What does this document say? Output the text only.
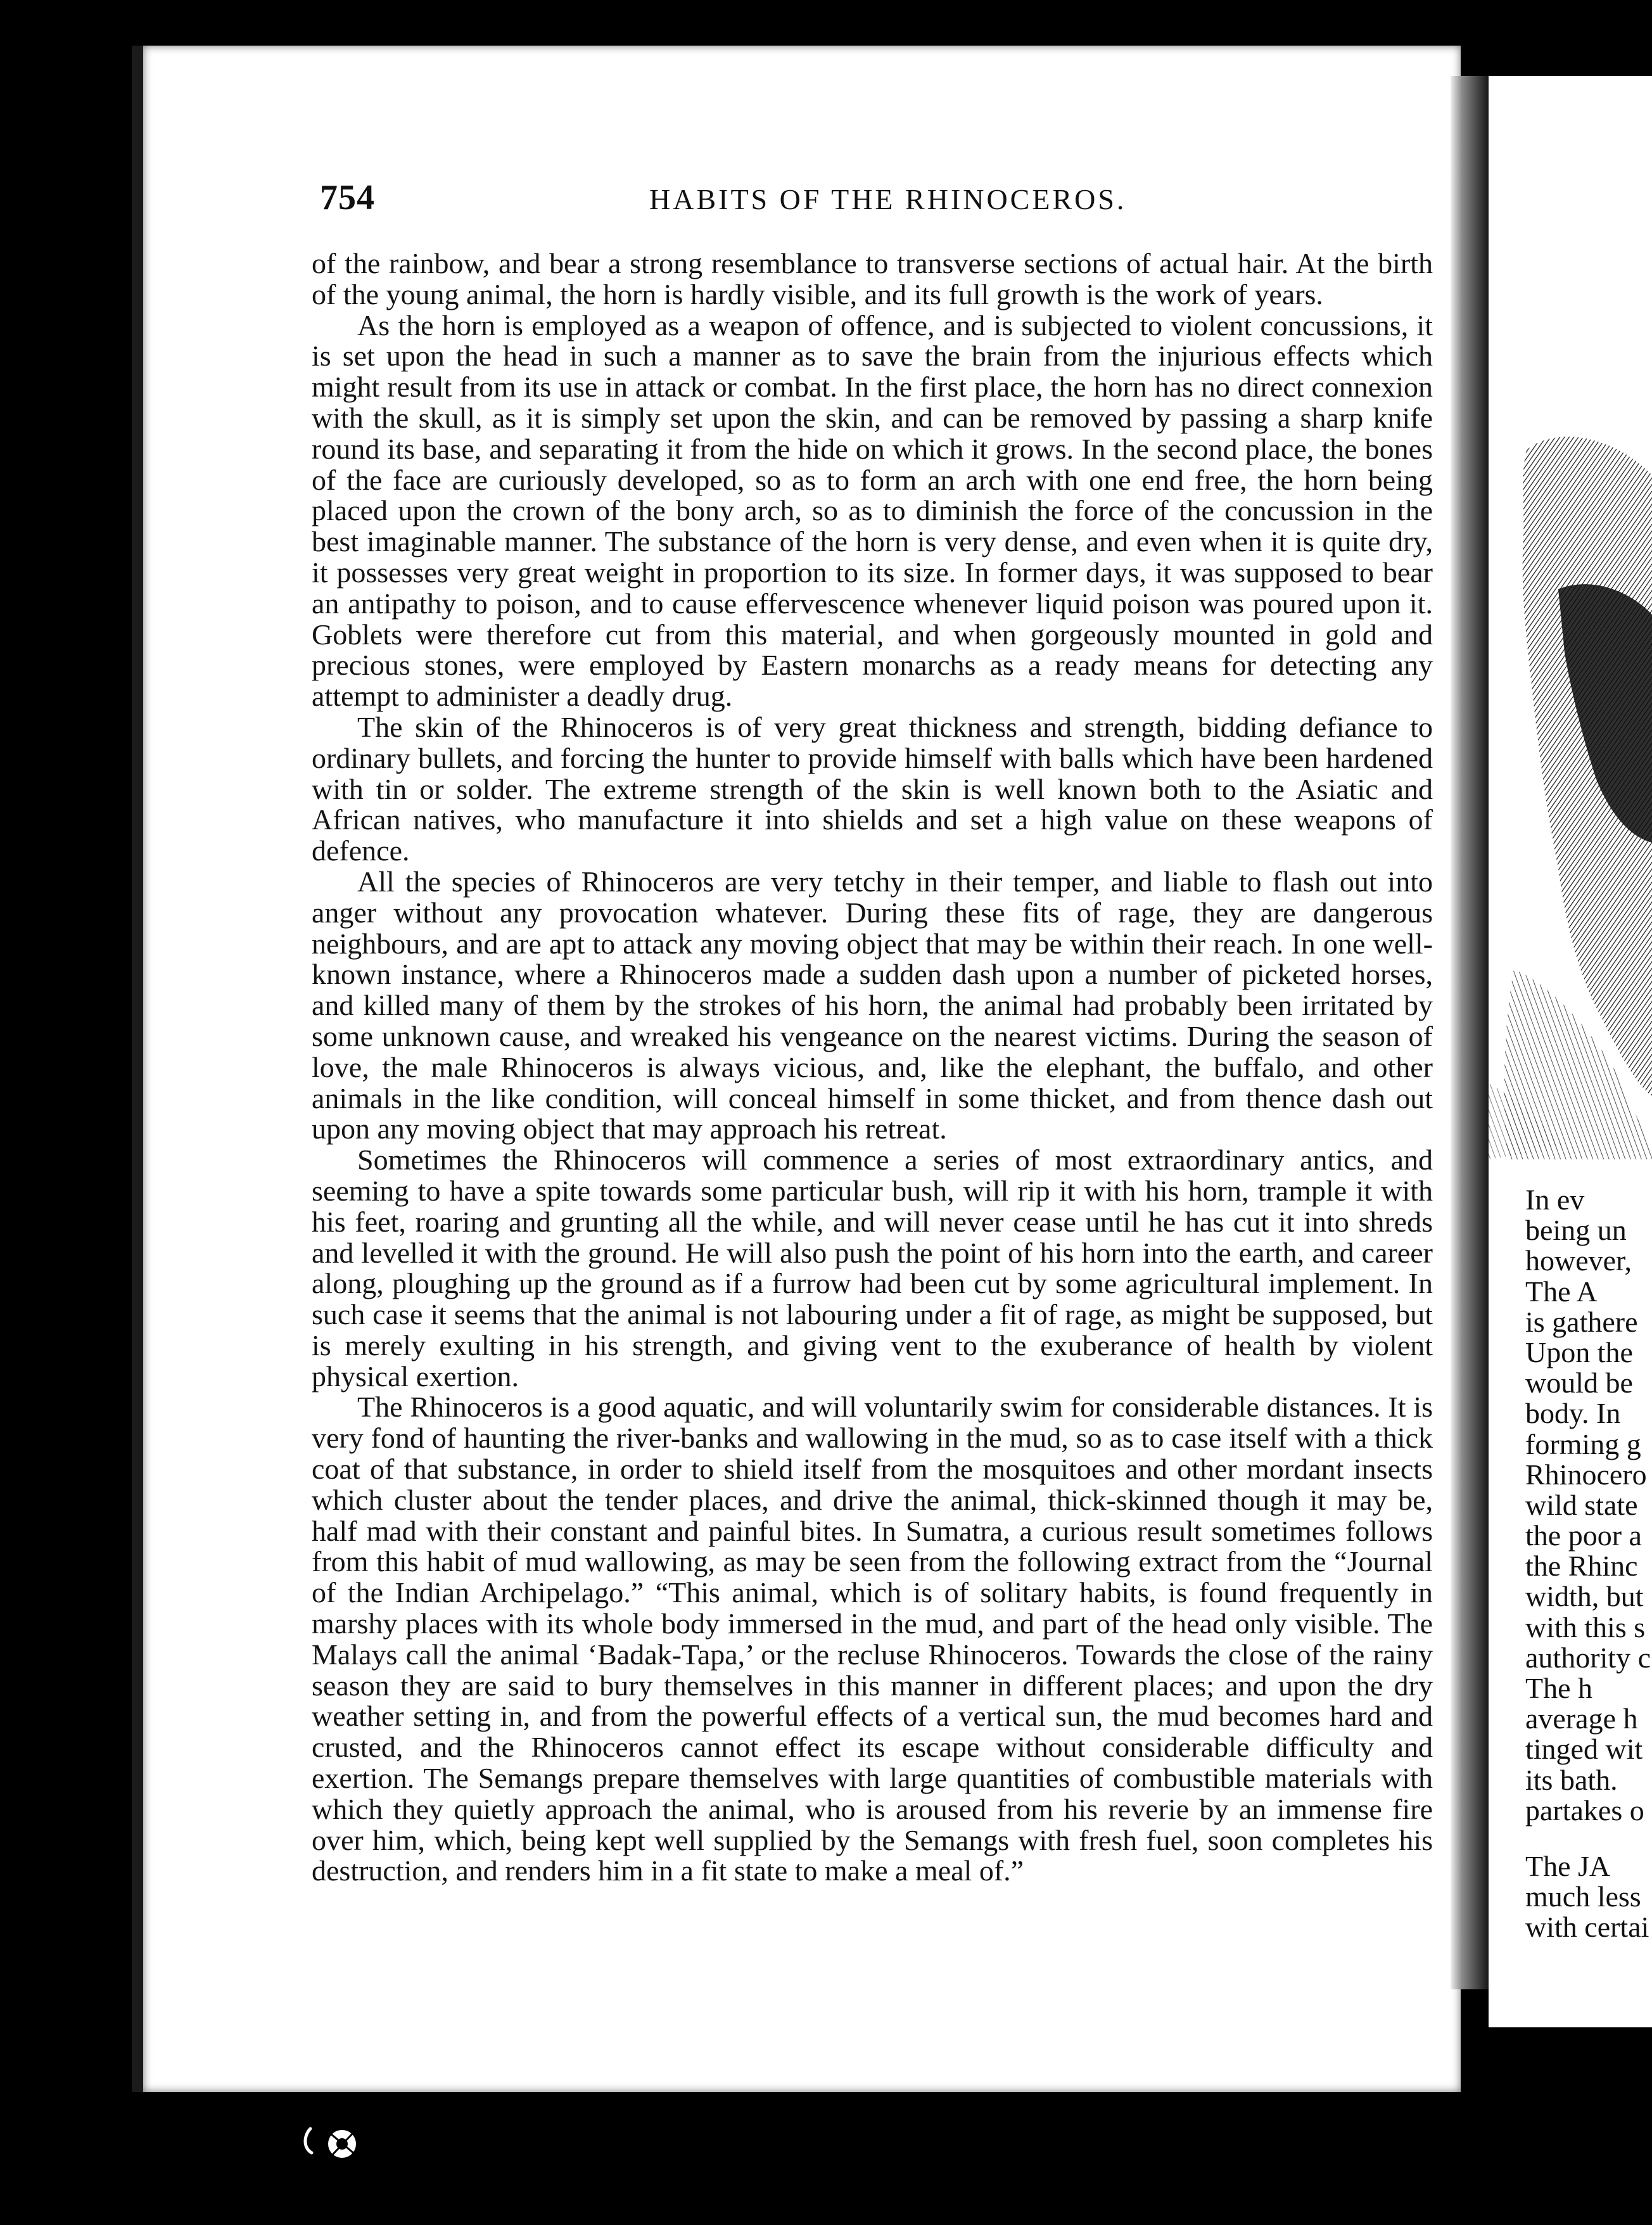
754	HABITS OF THE RHINOCEROS.

of the rainbow, and bear a strong resemblance to transverse sections of actual hair. At the birth of the young animal, the horn is hardly visible, and its full growth is the work of years.

As the horn is employed as a weapon of offence, and is subjected to violent concussions, it is set upon the head in such a manner as to save the brain from the injurious effects which might result from its use in attack or combat. In the first place, the horn has no direct connexion with the skull, as it is simply set upon the skin, and can be removed by passing a sharp knife round its base, and separating it from the hide on which it grows. In the second place, the bones of the face are curiously developed, so as to form an arch with one end free, the horn being placed upon the crown of the bony arch, so as to diminish the force of the concussion in the best imaginable manner. The substance of the horn is very dense, and even when it is quite dry, it possesses very great weight in proportion to its size. In former days, it was supposed to bear an antipathy to poison, and to cause effervescence whenever liquid poison was poured upon it. Goblets were therefore cut from this material, and when gorgeously mounted in gold and precious stones, were employed by Eastern monarchs as a ready means for detecting any attempt to administer a deadly drug.

The skin of the Rhinoceros is of very great thickness and strength, bidding defiance to ordinary bullets, and forcing the hunter to provide himself with balls which have been hardened with tin or solder. The extreme strength of the skin is well known both to the Asiatic and African natives, who manufacture it into shields and set a high value on these weapons of defence.

All the species of Rhinoceros are very tetchy in their temper, and liable to flash out into anger without any provocation whatever. During these fits of rage, they are dangerous neighbours, and are apt to attack any moving object that may be within their reach. In one well-known instance, where a Rhinoceros made a sudden dash upon a number of picketed horses, and killed many of them by the strokes of his horn, the animal had probably been irritated by some unknown cause, and wreaked his vengeance on the nearest victims. During the season of love, the male Rhinoceros is always vicious, and, like the elephant, the buffalo, and other animals in the like condition, will conceal himself in some thicket, and from thence dash out upon any moving object that may approach his retreat.

Sometimes the Rhinoceros will commence a series of most extraordinary antics, and seeming to have a spite towards some particular bush, will rip it with his horn, trample it with his feet, roaring and grunting all the while, and will never cease until he has cut it into shreds and levelled it with the ground. He will also push the point of his horn into the earth, and career along, ploughing up the ground as if a furrow had been cut by some agricultural implement. In such case it seems that the animal is not labouring under a fit of rage, as might be supposed, but is merely exulting in his strength, and giving vent to the exuberance of health by violent physical exertion.

The Rhinoceros is a good aquatic, and will voluntarily swim for considerable distances. It is very fond of haunting the river-banks and wallowing in the mud, so as to case itself with a thick coat of that substance, in order to shield itself from the mosquitoes and other mordant insects which cluster about the tender places, and drive the animal, thick-skinned though it may be, half mad with their constant and painful bites. In Sumatra, a curious result sometimes follows from this habit of mud wallowing, as may be seen from the following extract from the “Journal of the Indian Archipelago.” “This animal, which is of solitary habits, is found frequently in marshy places with its whole body immersed in the mud, and part of the head only visible. The Malays call the animal ‘Badak-Tapa,’ or the recluse Rhinoceros. Towards the close of the rainy season they are said to bury themselves in this manner in different places; and upon the dry weather setting in, and from the powerful effects of a vertical sun, the mud becomes hard and crusted, and the Rhinoceros cannot effect its escape without considerable difficulty and exertion. The Semangs prepare themselves with large quantities of combustible materials with which they quietly approach the animal, who is aroused from his reverie by an immense fire over him, which, being kept well supplied by the Semangs with fresh fuel, soon completes his destruction, and renders him in a fit state to make a meal of.”

In ev
being un
however,
The A
is gathere
Upon the
would be
body. In
forming g
Rhinocero
wild state
the poor a
the Rhinc
width, but
with this s
authority c
The h
average h
tinged wit
its bath.
partakes o
The JA
much less
with certai
